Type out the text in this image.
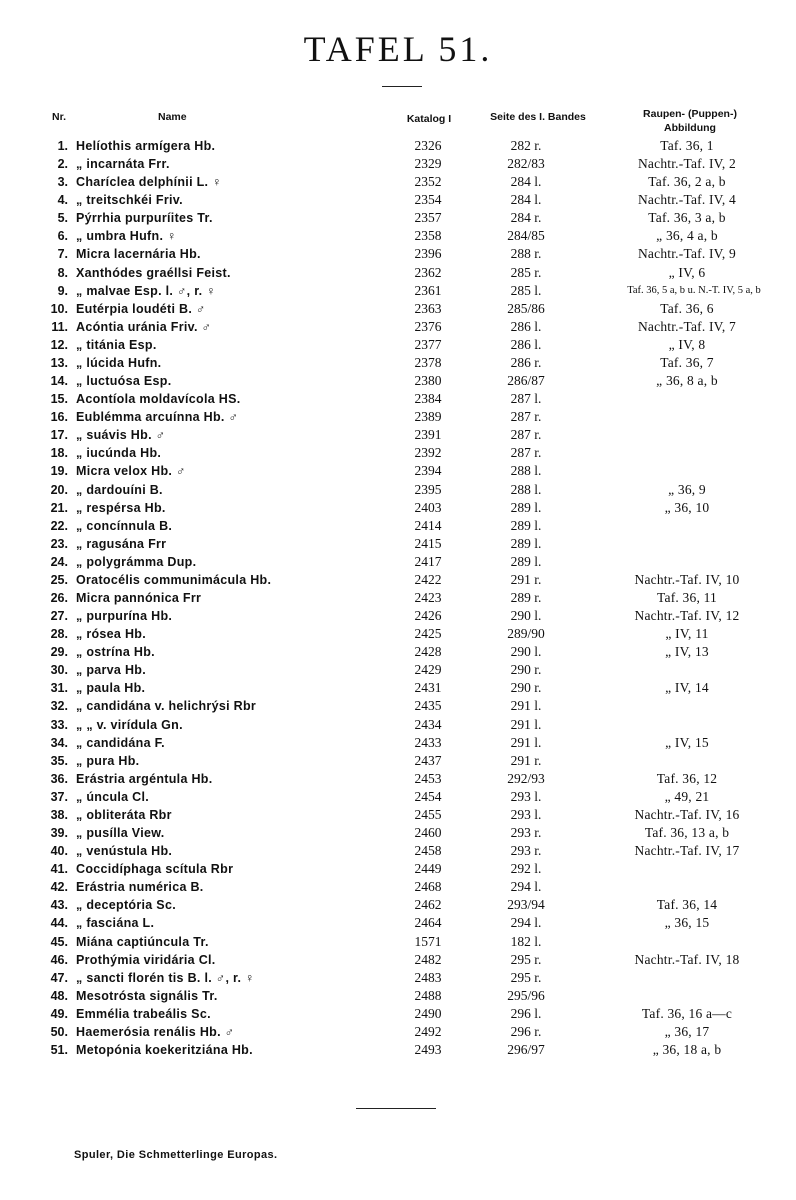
TAFEL 51.
Nr.	Name	Katalog I	Seite des I. Bandes	Raupen- (Puppen-)
Abbildung
1. Helíothis armígera Hb.	2326	282 r.	Taf. 36, 1
2. „ incarnáta Frr.	2329	282/83	Nachtr.-Taf. IV, 2
3. Charíclea delphínii L. ♀	2352	284 l.	Taf. 36, 2 a, b
4. „ treitschkéi Friv.	2354	284 l.	Nachtr.-Taf. IV, 4
5. Pýrrhia purpuríites Tr.	2357	284 r.	Taf. 36, 3 a, b
6. „ umbra Hufn. ♀	2358	284/85	„ 36, 4 a, b
7. Micra lacernária Hb.	2396	288 r.	Nachtr.-Taf. IV, 9
8. Xanthódes graéllsi Feist.	2362	285 r.	„ IV, 6
9. „ malvae Esp. l. ♂, r. ♀	2361	285 l.	Taf. 36, 5 a, b u. N.-T. IV, 5 a, b
10. Eutérpia loudéti B. ♂	2363	285/86	Taf. 36, 6
11. Acóntia uránia Friv. ♂	2376	286 l.	Nachtr.-Taf. IV, 7
12. „ titánia Esp.	2377	286 l.	„ IV, 8
13. „ lúcida Hufn.	2378	286 r.	Taf. 36, 7
14. „ luctuósa Esp.	2380	286/87	„ 36, 8 a, b
15. Acontíola moldavícola HS.	2384	287 l.
16. Eublémma arcuínna Hb. ♂	2389	287 r.
17. „ suávis Hb. ♂	2391	287 r.
18. „ iucúnda Hb.	2392	287 r.
19. Micra velox Hb. ♂	2394	288 l.
20. „ dardouíni B.	2395	288 l.	„ 36, 9
21. „ respérsa Hb.	2403	289 l.	„ 36, 10
22. „ concínnula B.	2414	289 l.
23. „ ragusána Frr	2415	289 l.
24. „ polygrámma Dup.	2417	289 l.
25. Oratocélis communimácula Hb.	2422	291 r.	Nachtr.-Taf. IV, 10
26. Micra pannónica Frr	2423	289 r.	Taf. 36, 11
27. „ purpurína Hb.	2426	290 l.	Nachtr.-Taf. IV, 12
28. „ rósea Hb.	2425	289/90	„ IV, 11
29. „ ostrína Hb.	2428	290 l.	„ IV, 13
30. „ parva Hb.	2429	290 r.
31. „ paula Hb.	2431	290 r.	„ IV, 14
32. „ candidána v. helichrýsi Rbr	2435	291 l.
33. „ „ v. virídula Gn.	2434	291 l.
34. „ candidána F.	2433	291 l.	„ IV, 15
35. „ pura Hb.	2437	291 r.
36. Erástria argéntula Hb.	2453	292/93	Taf. 36, 12
37. „ úncula Cl.	2454	293 l.	„ 49, 21
38. „ obliteráta Rbr	2455	293 l.	Nachtr.-Taf. IV, 16
39. „ pusílla View.	2460	293 r.	Taf. 36, 13 a, b
40. „ venústula Hb.	2458	293 r.	Nachtr.-Taf. IV, 17
41. Coccidíphaga scítula Rbr	2449	292 l.
42. Erástria numérica B.	2468	294 l.
43. „ deceptória Sc.	2462	293/94	Taf. 36, 14
44. „ fasciána L.	2464	294 l.	„ 36, 15
45. Miána captiúncula Tr.	1571	182 l.
46. Prothýmia viridária Cl.	2482	295 r.	Nachtr.-Taf. IV, 18
47. „ sancti florén tis B. l. ♂, r. ♀	2483	295 r.
48. Mesotrósta signális Tr.	2488	295/96
49. Emmélia trabeális Sc.	2490	296 l.	Taf. 36, 16 a—c
50. Haemerósia renális Hb. ♂	2492	296 r.	„ 36, 17
51. Metopónia koekeritziána Hb.	2493	296/97	„ 36, 18 a, b
Spuler, Die Schmetterlinge Europas.
